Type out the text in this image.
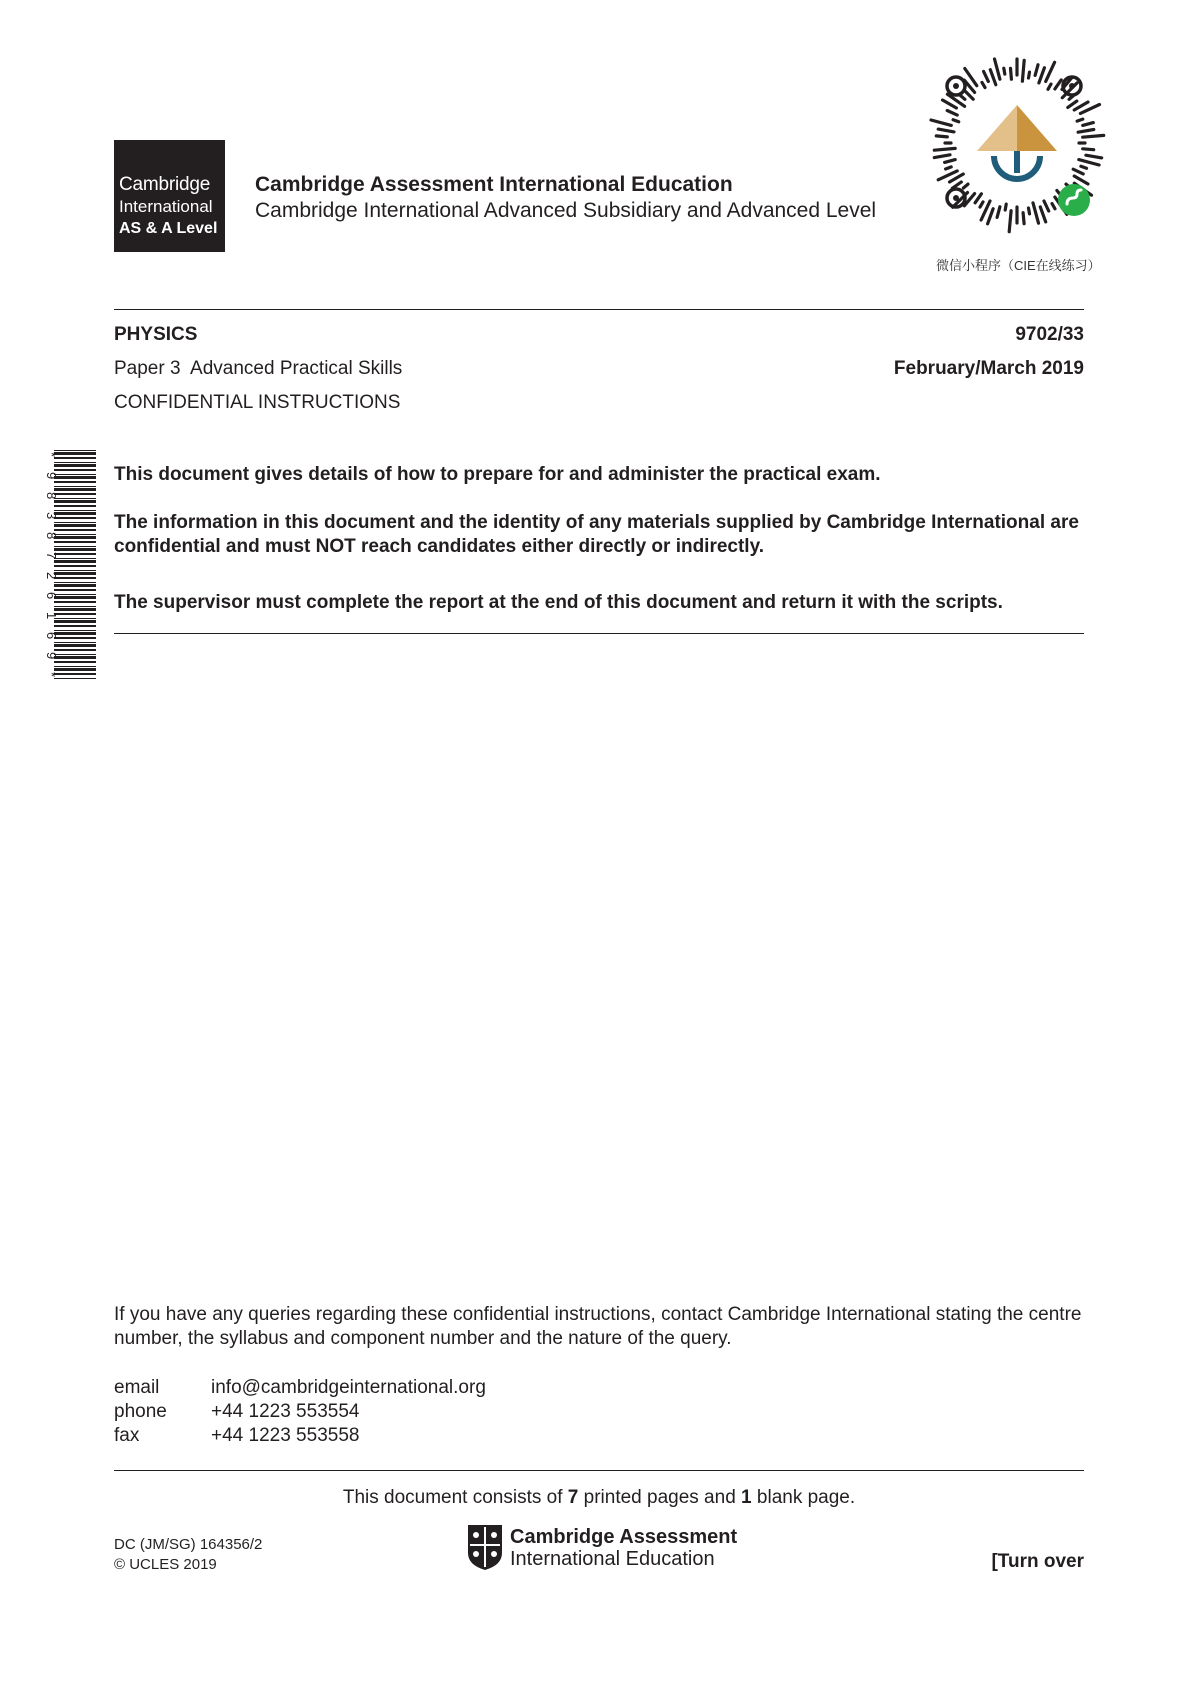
Cambridge
International
AS & A Level
Cambridge Assessment International Education
Cambridge International Advanced Subsidiary and Advanced Level
微信小程序（CIE在线练习）
PHYSICS	9702/33
Paper 3  Advanced Practical Skills	February/March 2019
CONFIDENTIAL INSTRUCTIONS
*
9
8
3
8
7
2
6
1
6
9
*
This document gives details of how to prepare for and administer the practical exam.
The information in this document and the identity of any materials supplied by Cambridge International are confidential and must NOT reach candidates either directly or indirectly.
The supervisor must complete the report at the end of this document and return it with the scripts.
If you have any queries regarding these confidential instructions, contact Cambridge International stating the centre number, the syllabus and component number and the nature of the query.
email	info@cambridgeinternational.org
phone	+44 1223 553554
fax	+44 1223 553558
This document consists of 7 printed pages and 1 blank page.
DC (JM/SG) 164356/2
© UCLES 2019
Cambridge Assessment
International Education	[Turn over
